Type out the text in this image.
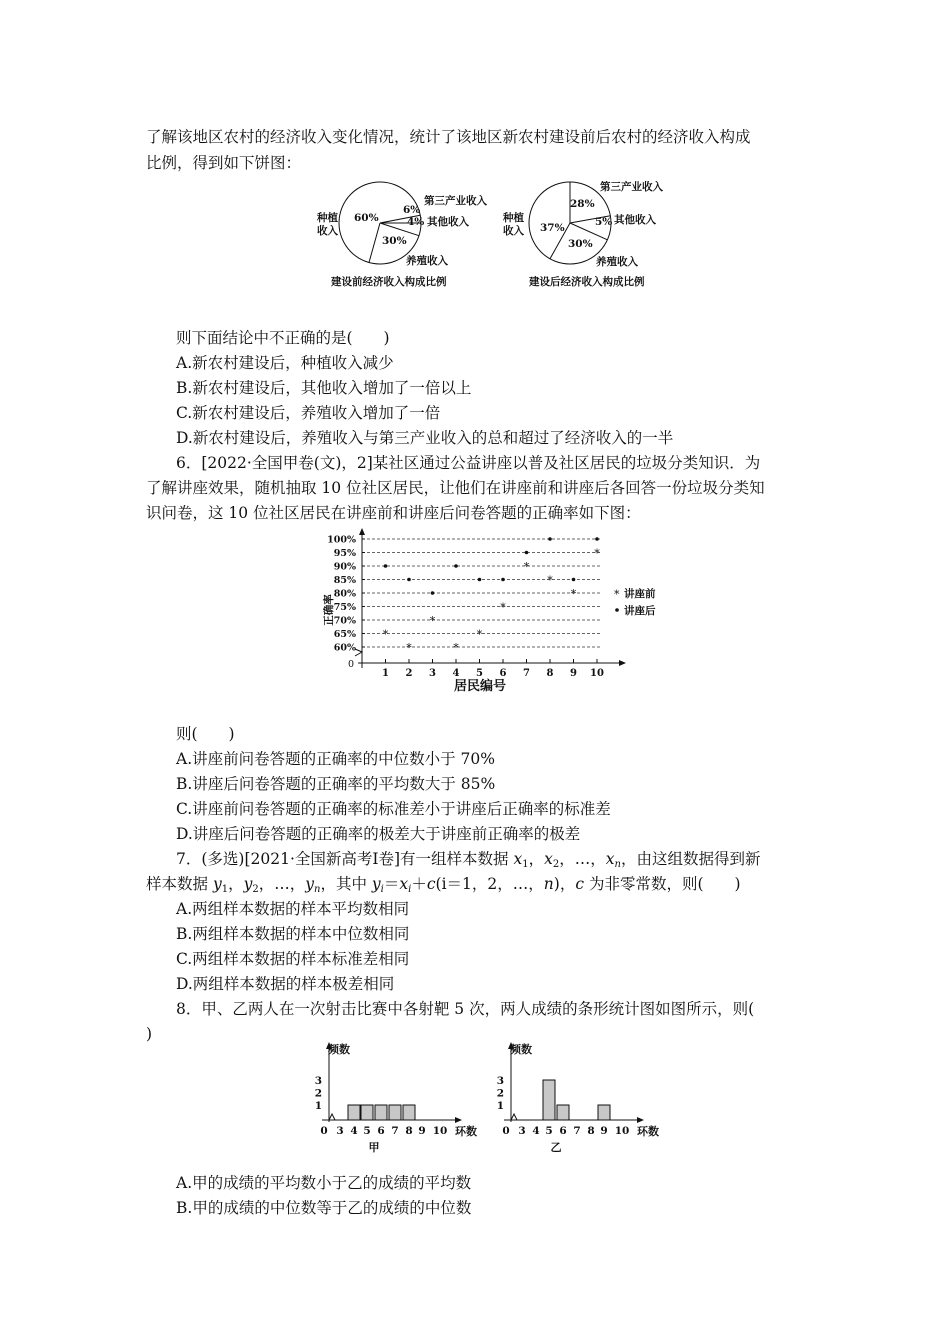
了解该地区农村的经济收入变化情况，统计了该地区新农村建设前后农村的经济收入构成
比例，得到如下饼图：
60%
6%
4%
30%
种植
收入
第三产业收入
其他收入
养殖收入
建设前经济收入构成比例
28%
5%
37%
30%
种植
收入
第三产业收入
其他收入
养殖收入
建设后经济收入构成比例
则下面结论中不正确的是(　　)
A.新农村建设后，种植收入减少
B.新农村建设后，其他收入增加了一倍以上
C.新农村建设后，养殖收入增加了一倍
D.新农村建设后，养殖收入与第三产业收入的总和超过了经济收入的一半
6．[2022·全国甲卷(文)，2]某社区通过公益讲座以普及社区居民的垃圾分类知识．为
了解讲座效果，随机抽取 10 位社区居民，让他们在讲座前和讲座后各回答一份垃圾分类知
识问卷，这 10 位社区居民在讲座前和讲座后问卷答题的正确率如下图：
0
60%
65%
70%
75%
80%
85%
90%
95%
100%
1 2 3 4 5 6 7 8 9 10
*
*
*
*
*
*
*
*
*
*
正确率
居民编号
* 讲座前
讲座后
则(　　)
A.讲座前问卷答题的正确率的中位数小于 70%
B.讲座后问卷答题的正确率的平均数大于 85%
C.讲座前问卷答题的正确率的标准差小于讲座后正确率的标准差
D.讲座后问卷答题的正确率的极差大于讲座前正确率的极差
7．(多选)[2021·全国新高考Ⅰ卷]有一组样本数据 $x_1$，$x_2$，…，$x_n$，由这组数据得到新
样本数据 $y_1$，$y_2$，…，$y_n$，其中 $y_i=x_i+c(i=1$，2，…，n)，c 为非零常数，则(　　)
A.两组样本数据的样本平均数相同
B.两组样本数据的样本中位数相同
C.两组样本数据的样本标准差相同
D.两组样本数据的样本极差相同
8．甲、乙两人在一次射击比赛中各射靶 5 次，两人成绩的条形统计图如图所示，则(
)
1
2
3
频数
0 3 4 5 6 7 8 9 10 环数
甲
1
2
3
频数
0 3 4 5 6 7 8 9 10 环数
乙
A.甲的成绩的平均数小于乙的成绩的平均数
B.甲的成绩的中位数等于乙的成绩的中位数
